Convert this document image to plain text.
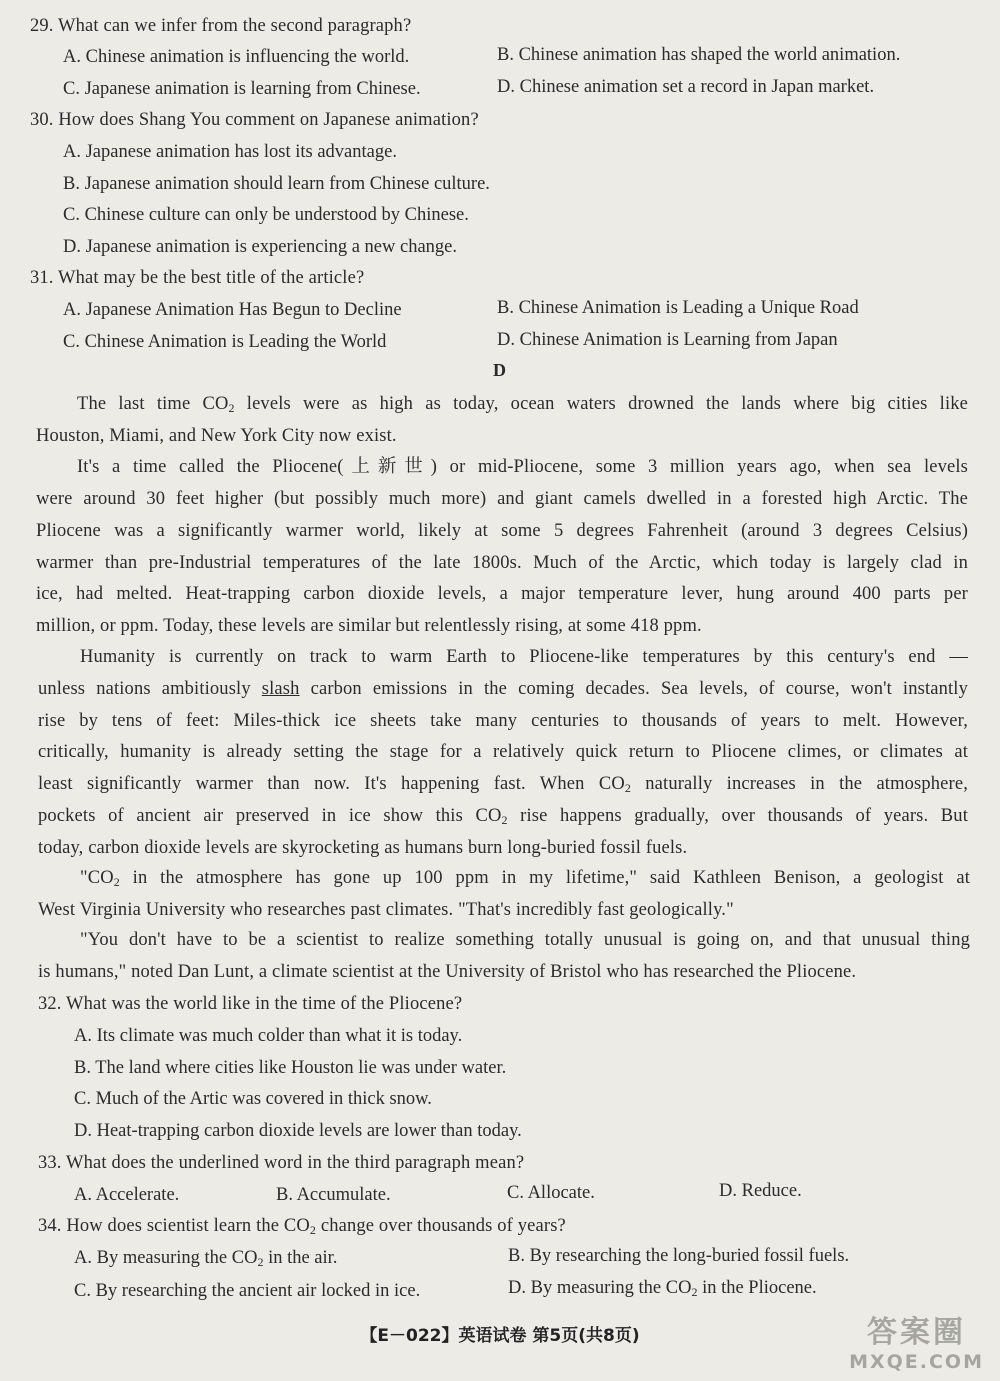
29. What can we infer from the second paragraph?
A. Chinese animation is influencing the world.	B. Chinese animation has shaped the world animation.
C. Japanese animation is learning from Chinese.	D. Chinese animation set a record in Japan market.
30. How does Shang You comment on Japanese animation?
A. Japanese animation has lost its advantage.
B. Japanese animation should learn from Chinese culture.
C. Chinese culture can only be understood by Chinese.
D. Japanese animation is experiencing a new change.
31. What may be the best title of the article?
A. Japanese Animation Has Begun to Decline	B. Chinese Animation is Leading a Unique Road
C. Chinese Animation is Leading the World	D. Chinese Animation is Learning from Japan
D
The last time $CO_2$ levels were as high as today, ocean waters drowned the lands where big cities like
Houston, Miami, and New York City now exist.
It's a time called the Pliocene(上新世) or mid-Pliocene, some 3 million years ago, when sea levels
were around 30 feet higher (but possibly much more) and giant camels dwelled in a forested high Arctic. The
Pliocene was a significantly warmer world, likely at some 5 degrees Fahrenheit (around 3 degrees Celsius)
warmer than pre-Industrial temperatures of the late 1800s. Much of the Arctic, which today is largely clad in
ice, had melted. Heat-trapping carbon dioxide levels, a major temperature lever, hung around 400 parts per
million, or ppm. Today, these levels are similar but relentlessly rising, at some 418 ppm.
Humanity is currently on track to warm Earth to Pliocene-like temperatures by this century's end —
unless nations ambitiously slash carbon emissions in the coming decades. Sea levels, of course, won't instantly
rise by tens of feet: Miles-thick ice sheets take many centuries to thousands of years to melt. However,
critically, humanity is already setting the stage for a relatively quick return to Pliocene climes, or climates at
least significantly warmer than now. It's happening fast. When $CO_2$ naturally increases in the atmosphere,
pockets of ancient air preserved in ice show this $CO_2$ rise happens gradually, over thousands of years. But
today, carbon dioxide levels are skyrocketing as humans burn long-buried fossil fuels.
"$CO_2$ in the atmosphere has gone up 100 ppm in my lifetime," said Kathleen Benison, a geologist at
West Virginia University who researches past climates. "That's incredibly fast geologically."
"You don't have to be a scientist to realize something totally unusual is going on, and that unusual thing
is humans," noted Dan Lunt, a climate scientist at the University of Bristol who has researched the Pliocene.
32. What was the world like in the time of the Pliocene?
A. Its climate was much colder than what it is today.
B. The land where cities like Houston lie was under water.
C. Much of the Artic was covered in thick snow.
D. Heat-trapping carbon dioxide levels are lower than today.
33. What does the underlined word in the third paragraph mean?
A. Accelerate.	B. Accumulate.	C. Allocate.	D. Reduce.
34. How does scientist learn the $CO_2$ change over thousands of years?
A. By measuring the $CO_2$ in the air.	B. By researching the long-buried fossil fuels.
C. By researching the ancient air locked in ice.	D. By measuring the $CO_2$ in the Pliocene.
【E－022】英语试卷 第5页(共8页)	答案圈
MXQE.COM
